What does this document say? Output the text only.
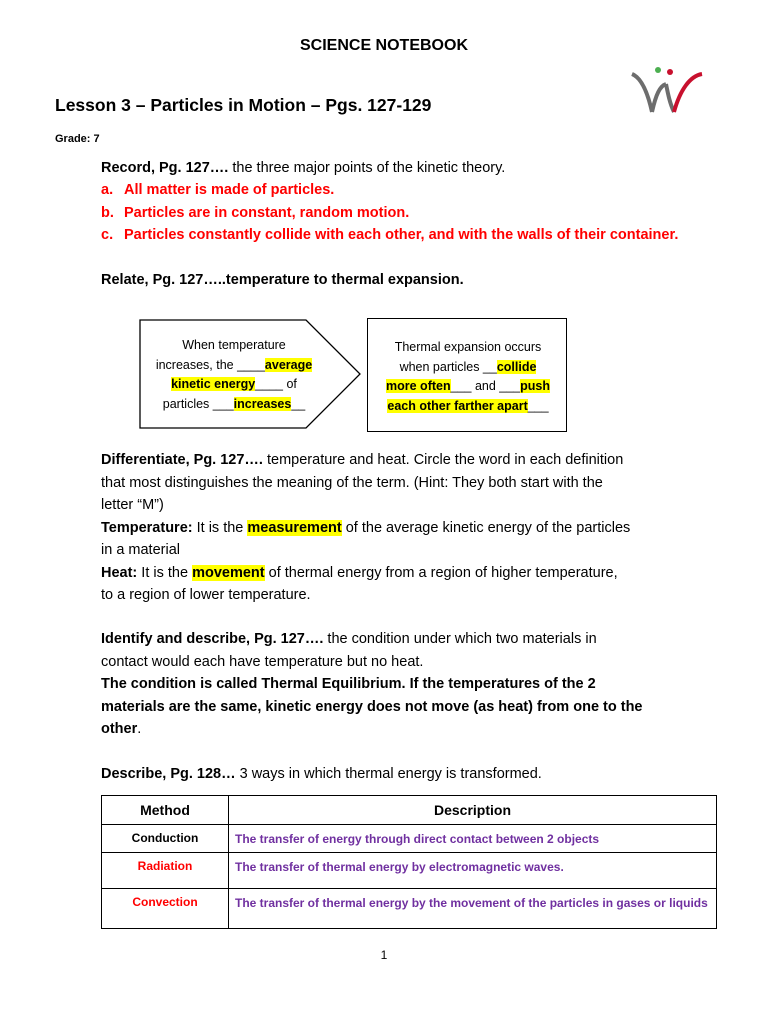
SCIENCE NOTEBOOK
Lesson 3 – Particles in Motion – Pgs. 127-129
Grade: 7
Record, Pg. 127…. the three major points of the kinetic theory.
a. All matter is made of particles.
b. Particles are in constant, random motion.
c. Particles constantly collide with each other, and with the walls of their container.
Relate, Pg. 127…..temperature to thermal expansion.
When temperature
increases, the ____average
kinetic energy____ of
particles ___increases__
Thermal expansion occurs
when particles __collide
more often___ and ___push
each other farther apart___
Differentiate, Pg. 127…. temperature and heat. Circle the word in each definition
that most distinguishes the meaning of the term. (Hint: They both start with the
letter “M”)
Temperature: It is the measurement of the average kinetic energy of the particles
in a material
Heat: It is the movement of thermal energy from a region of higher temperature,
to a region of lower temperature.
Identify and describe, Pg. 127…. the condition under which two materials in
contact would each have temperature but no heat.
The condition is called Thermal Equilibrium. If the temperatures of the 2
materials are the same, kinetic energy does not move (as heat) from one to the
other.
Describe, Pg. 128… 3 ways in which thermal energy is transformed.
Method	Description
Conduction	The transfer of energy through direct contact between 2 objects
Radiation	The transfer of thermal energy by electromagnetic waves.
Convection	The transfer of thermal energy by the movement of the particles in gases or liquids
1
